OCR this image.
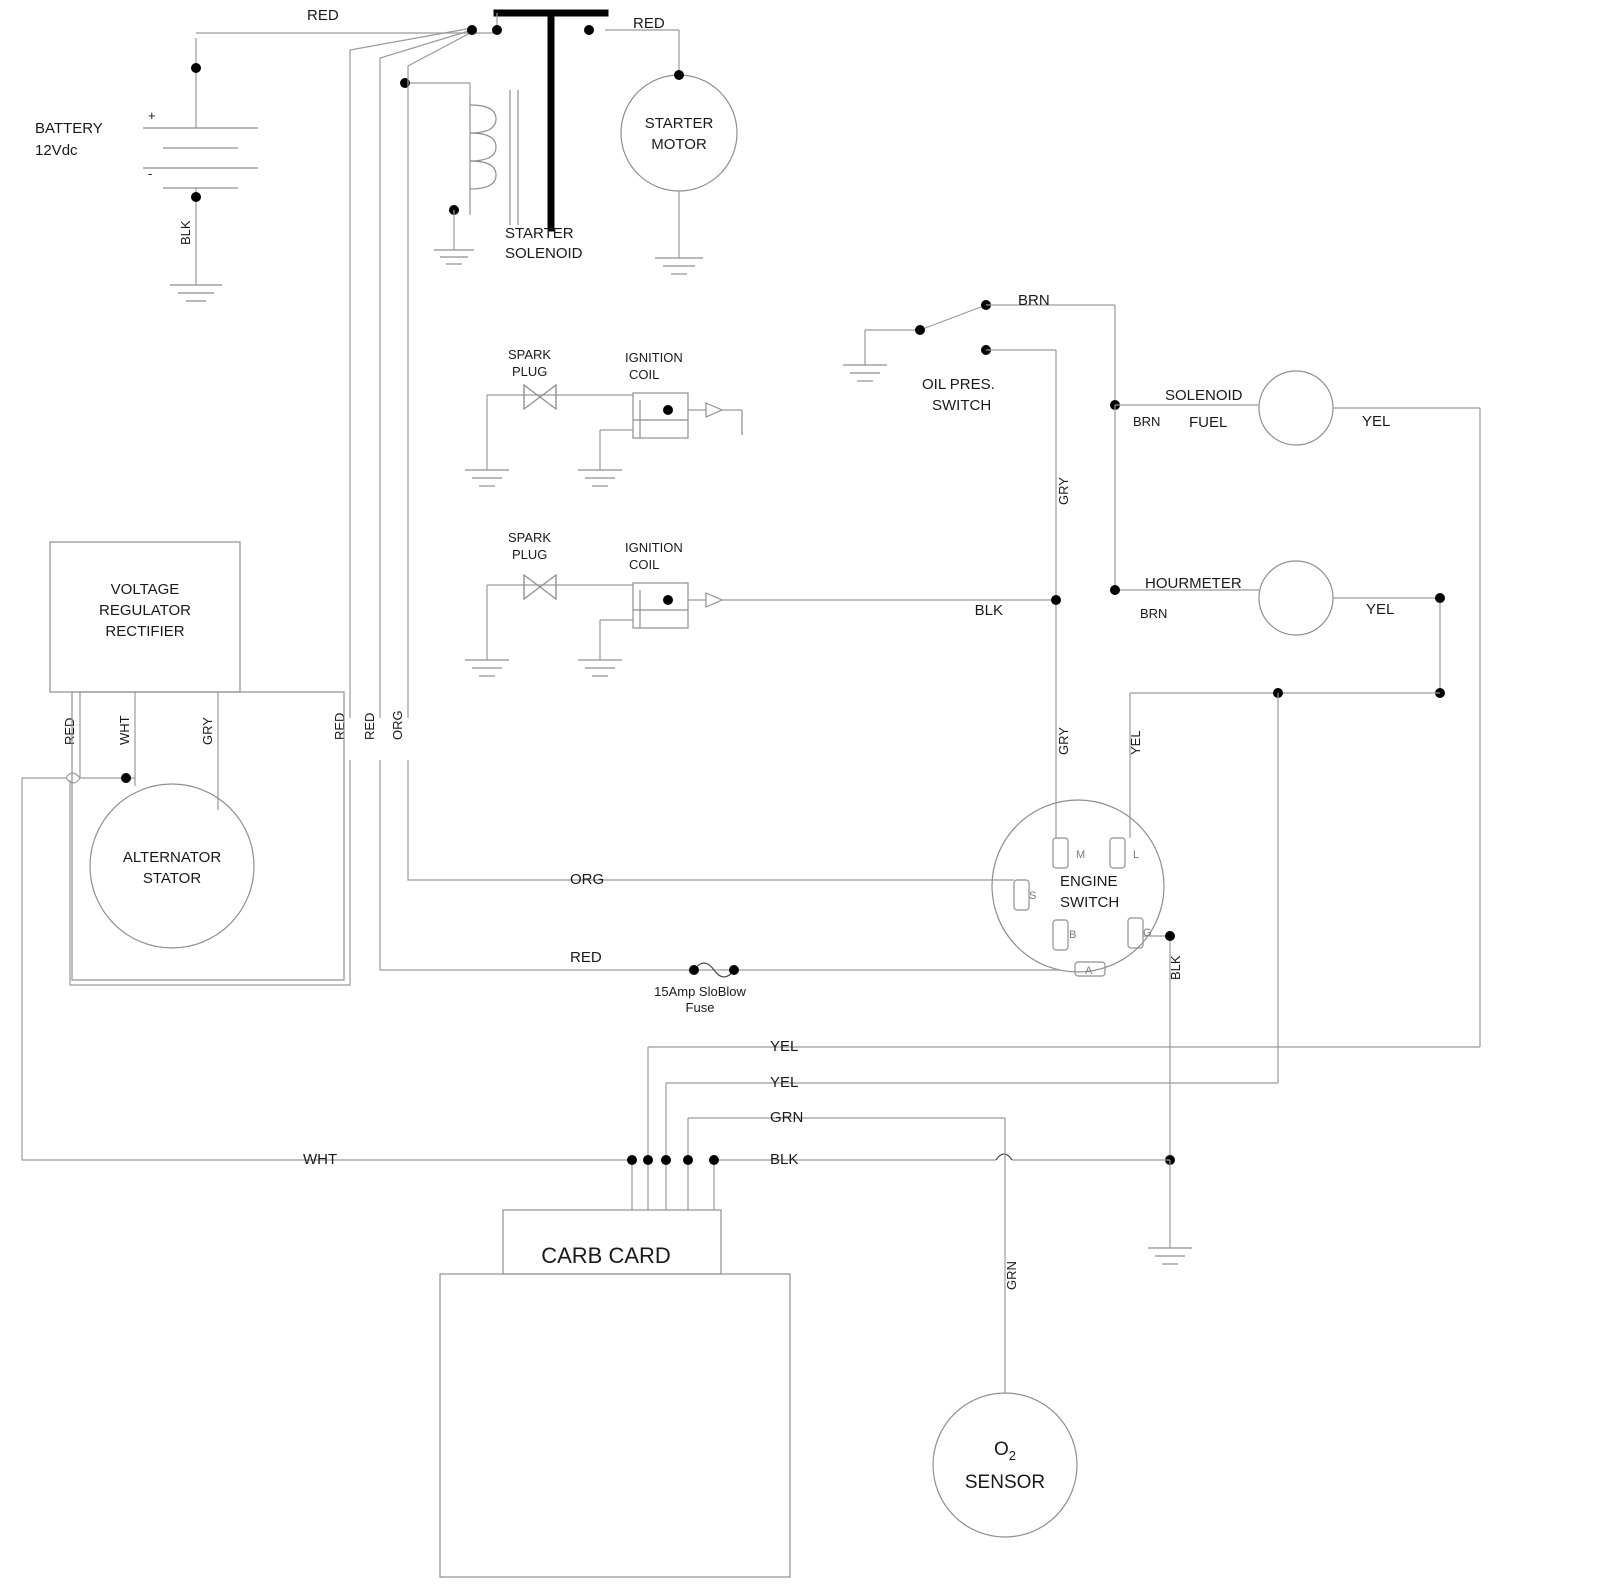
BATTERY
12Vdc
+
-
BLK
RED
STARTER
MOTOR
RED
STARTER
SOLENOID
RED RED ORG
ORG
RED
15Amp SloBlow
Fuse
VOLTAGE
REGULATOR
RECTIFIER
RED	WHT	GRY
ALTERNATOR
STATOR
IGNITION
COIL
SPARK
PLUG
IGNITION
COIL
BLK
SPARK
PLUG
OIL PRES.
SWITCH
BRN
GRY
SOLENOID
FUEL
BRN	YEL
HOURMETER
BRN	YEL
ENGINE
SWITCH
M	L
S
B	G
A
GRY	YEL
BLK
YEL
YEL
GRN
BLK
WHT
CARB CARD
$O_2$
SENSOR
GRN
